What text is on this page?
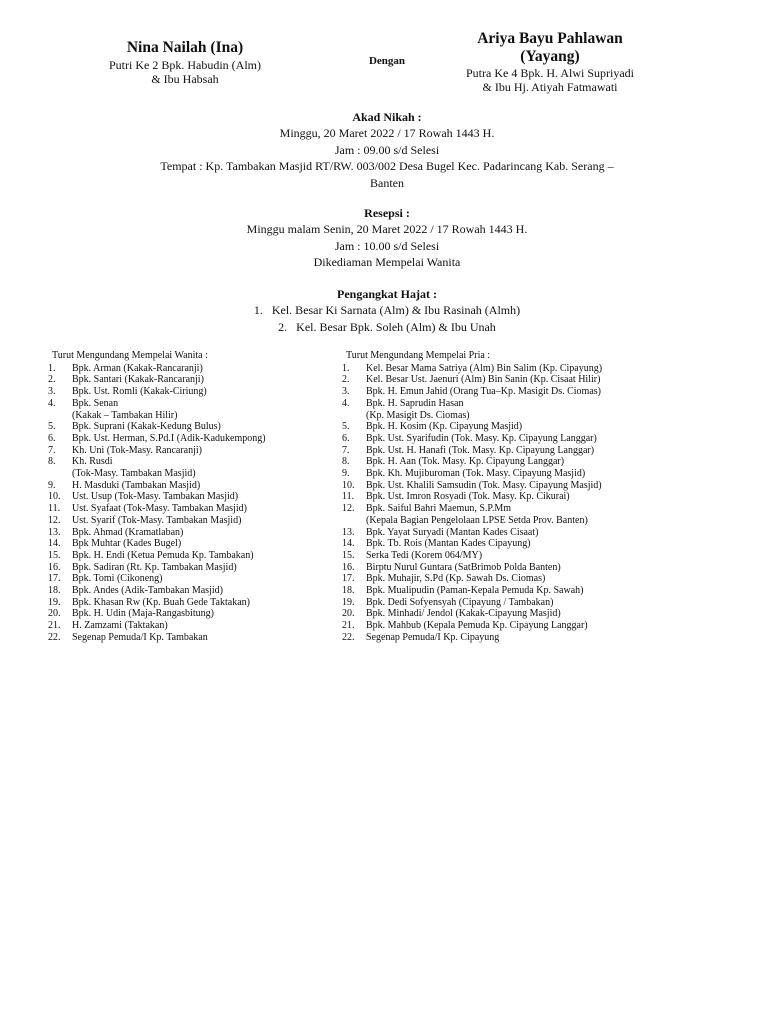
Nina Nailah (Ina)
Putri Ke 2 Bpk. Habudin (Alm)
& Ibu Habsah
Dengan
Ariya Bayu Pahlawan
(Yayang)
Putra Ke 4 Bpk. H. Alwi Supriyadi
& Ibu Hj. Atiyah Fatmawati
Akad Nikah :
Minggu, 20 Maret 2022 / 17 Rowah 1443 H.
Jam : 09.00 s/d Selesi
Tempat : Kp. Tambakan Masjid RT/RW. 003/002 Desa Bugel Kec. Padarincang Kab. Serang –
Banten
Resepsi :
Minggu malam Senin, 20 Maret 2022 / 17 Rowah 1443 H.
Jam : 10.00 s/d Selesi
Dikediaman Mempelai Wanita
Pengangkat Hajat :
1. Kel. Besar Ki Sarnata (Alm) & Ibu Rasinah (Almh)
2. Kel. Besar Bpk. Soleh (Alm) & Ibu Unah
Turut Mengundang Mempelai Wanita :
1.	Bpk. Arman (Kakak-Rancaranji)
2.	Bpk. Santari (Kakak-Rancaranji)
3.	Bpk. Ust. Romli (Kakak-Ciriung)
4.	Bpk. Senan
(Kakak – Tambakan Hilir)
5.	Bpk. Suprani (Kakak-Kedung Bulus)
6.	Bpk. Ust. Herman, S.Pd.I (Adik-Kadukempong)
7.	Kh. Uni (Tok-Masy. Rancaranji)
8.	Kh. Rusdi
(Tok-Masy. Tambakan Masjid)
9.	H. Masduki (Tambakan Masjid)
10.	Ust. Usup (Tok-Masy. Tambakan Masjid)
11.	Ust. Syafaat (Tok-Masy. Tambakan Masjid)
12.	Ust. Syarif (Tok-Masy. Tambakan Masjid)
13.	Bpk. Ahmad (Kramatlaban)
14.	Bpk Muhtar (Kades Bugel)
15.	Bpk. H. Endi (Ketua Pemuda Kp. Tambakan)
16.	Bpk. Sadiran (Rt. Kp. Tambakan Masjid)
17.	Bpk. Tomi (Cikoneng)
18.	Bpk. Andes (Adik-Tambakan Masjid)
19.	Bpk. Khasan Rw (Kp. Buah Gede Taktakan)
20.	Bpk. H. Udin (Maja-Rangasbitung)
21.	H. Zamzami (Taktakan)
22.	Segenap Pemuda/I Kp. Tambakan
Turut Mengundang Mempelai Pria :
1.	Kel. Besar Mama Satriya (Alm) Bin Salim (Kp. Cipayung)
2.	Kel. Besar Ust. Jaenuri (Alm) Bin Sanin (Kp. Cisaat Hilir)
3.	Bpk. H. Emun Jahid (Orang Tua–Kp. Masigit Ds. Ciomas)
4.	Bpk. H. Saprudin Hasan
(Kp. Masigit Ds. Ciomas)
5.	Bpk. H. Kosim (Kp. Cipayung Masjid)
6.	Bpk. Ust. Syarifudin (Tok. Masy. Kp. Cipayung Langgar)
7.	Bpk. Ust. H. Hanafi (Tok. Masy. Kp. Cipayung Langgar)
8.	Bpk. H. Aan (Tok. Masy. Kp. Cipayung Langgar)
9.	Bpk. Kh. Mujiburoman (Tok. Masy. Cipayung Masjid)
10.	Bpk. Ust. Khalili Samsudin (Tok. Masy. Cipayung Masjid)
11.	Bpk. Ust. Imron Rosyadi (Tok. Masy. Kp. Cikurai)
12.	Bpk. Saiful Bahri Maemun, S.P.Mm
(Kepala Bagian Pengelolaan LPSE Setda Prov. Banten)
13.	Bpk. Yayat Suryadi (Mantan Kades Cisaat)
14.	Bpk. Tb. Rois (Mantan Kades Cipayung)
15.	Serka Tedi (Korem 064/MY)
16.	Birptu Nurul Guntara (SatBrimob Polda Banten)
17.	Bpk. Muhajir, S.Pd (Kp. Sawah Ds. Ciomas)
18.	Bpk. Mualipudin (Paman-Kepala Pemuda Kp. Sawah)
19.	Bpk. Dedi Sofyensyah (Cipayung / Tambakan)
20.	Bpk. Minhadi/ Jendol (Kakak-Cipayung Masjid)
21.	Bpk. Mahbub (Kepala Pemuda Kp. Cipayung Langgar)
22.	Segenap Pemuda/I Kp. Cipayung
